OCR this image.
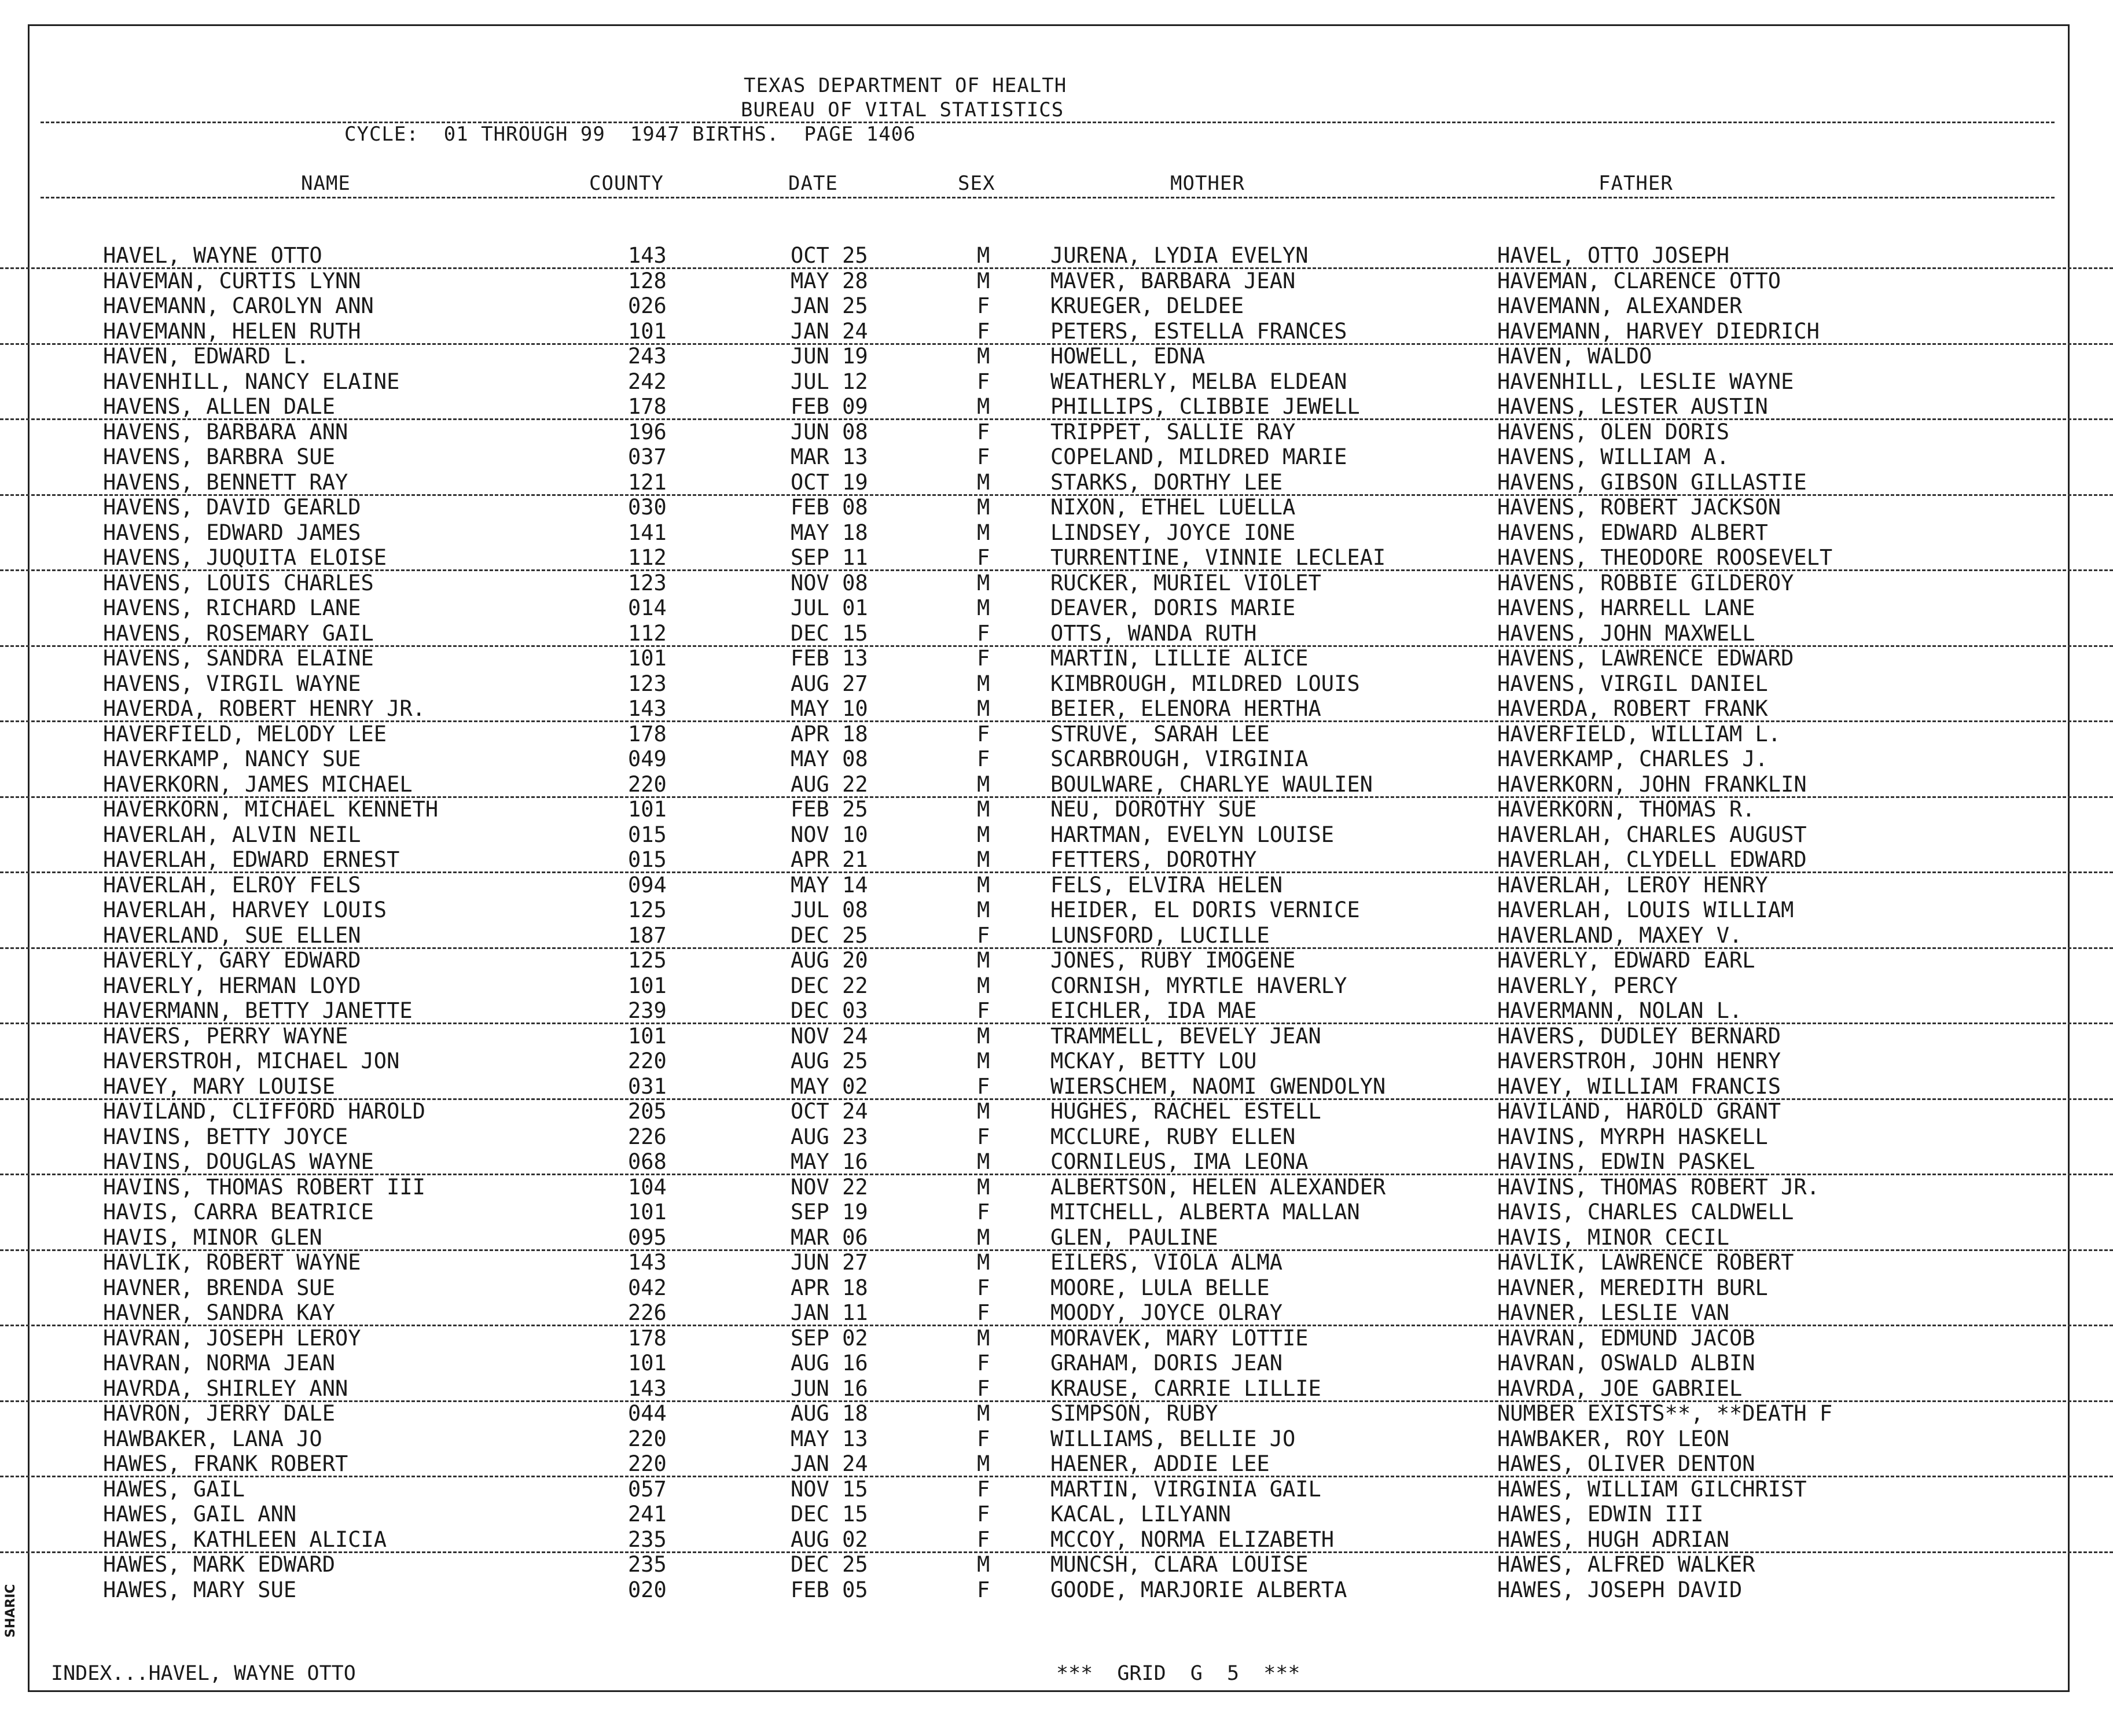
SHARIC
TEXAS DEPARTMENT OF HEALTH
BUREAU OF VITAL STATISTICS
CYCLE:  01 THROUGH 99  1947 BIRTHS.  PAGE 1406
NAME	COUNTY	DATE	SEX	MOTHER	FATHER
HAVEL, WAYNE OTTO	143	OCT 25	M	JURENA, LYDIA EVELYN	HAVEL, OTTO JOSEPH
HAVEMAN, CURTIS LYNN	128	MAY 28	M	MAVER, BARBARA JEAN	HAVEMAN, CLARENCE OTTO
HAVEMANN, CAROLYN ANN	026	JAN 25	F	KRUEGER, DELDEE	HAVEMANN, ALEXANDER
HAVEMANN, HELEN RUTH	101	JAN 24	F	PETERS, ESTELLA FRANCES	HAVEMANN, HARVEY DIEDRICH
HAVEN, EDWARD L.	243	JUN 19	M	HOWELL, EDNA	HAVEN, WALDO
HAVENHILL, NANCY ELAINE	242	JUL 12	F	WEATHERLY, MELBA ELDEAN	HAVENHILL, LESLIE WAYNE
HAVENS, ALLEN DALE	178	FEB 09	M	PHILLIPS, CLIBBIE JEWELL	HAVENS, LESTER AUSTIN
HAVENS, BARBARA ANN	196	JUN 08	F	TRIPPET, SALLIE RAY	HAVENS, OLEN DORIS
HAVENS, BARBRA SUE	037	MAR 13	F	COPELAND, MILDRED MARIE	HAVENS, WILLIAM A.
HAVENS, BENNETT RAY	121	OCT 19	M	STARKS, DORTHY LEE	HAVENS, GIBSON GILLASTIE
HAVENS, DAVID GEARLD	030	FEB 08	M	NIXON, ETHEL LUELLA	HAVENS, ROBERT JACKSON
HAVENS, EDWARD JAMES	141	MAY 18	M	LINDSEY, JOYCE IONE	HAVENS, EDWARD ALBERT
HAVENS, JUQUITA ELOISE	112	SEP 11	F	TURRENTINE, VINNIE LECLEAI	HAVENS, THEODORE ROOSEVELT
HAVENS, LOUIS CHARLES	123	NOV 08	M	RUCKER, MURIEL VIOLET	HAVENS, ROBBIE GILDEROY
HAVENS, RICHARD LANE	014	JUL 01	M	DEAVER, DORIS MARIE	HAVENS, HARRELL LANE
HAVENS, ROSEMARY GAIL	112	DEC 15	F	OTTS, WANDA RUTH	HAVENS, JOHN MAXWELL
HAVENS, SANDRA ELAINE	101	FEB 13	F	MARTIN, LILLIE ALICE	HAVENS, LAWRENCE EDWARD
HAVENS, VIRGIL WAYNE	123	AUG 27	M	KIMBROUGH, MILDRED LOUIS	HAVENS, VIRGIL DANIEL
HAVERDA, ROBERT HENRY JR.	143	MAY 10	M	BEIER, ELENORA HERTHA	HAVERDA, ROBERT FRANK
HAVERFIELD, MELODY LEE	178	APR 18	F	STRUVE, SARAH LEE	HAVERFIELD, WILLIAM L.
HAVERKAMP, NANCY SUE	049	MAY 08	F	SCARBROUGH, VIRGINIA	HAVERKAMP, CHARLES J.
HAVERKORN, JAMES MICHAEL	220	AUG 22	M	BOULWARE, CHARLYE WAULIEN	HAVERKORN, JOHN FRANKLIN
HAVERKORN, MICHAEL KENNETH	101	FEB 25	M	NEU, DOROTHY SUE	HAVERKORN, THOMAS R.
HAVERLAH, ALVIN NEIL	015	NOV 10	M	HARTMAN, EVELYN LOUISE	HAVERLAH, CHARLES AUGUST
HAVERLAH, EDWARD ERNEST	015	APR 21	M	FETTERS, DOROTHY	HAVERLAH, CLYDELL EDWARD
HAVERLAH, ELROY FELS	094	MAY 14	M	FELS, ELVIRA HELEN	HAVERLAH, LEROY HENRY
HAVERLAH, HARVEY LOUIS	125	JUL 08	M	HEIDER, EL DORIS VERNICE	HAVERLAH, LOUIS WILLIAM
HAVERLAND, SUE ELLEN	187	DEC 25	F	LUNSFORD, LUCILLE	HAVERLAND, MAXEY V.
HAVERLY, GARY EDWARD	125	AUG 20	M	JONES, RUBY IMOGENE	HAVERLY, EDWARD EARL
HAVERLY, HERMAN LOYD	101	DEC 22	M	CORNISH, MYRTLE HAVERLY	HAVERLY, PERCY
HAVERMANN, BETTY JANETTE	239	DEC 03	F	EICHLER, IDA MAE	HAVERMANN, NOLAN L.
HAVERS, PERRY WAYNE	101	NOV 24	M	TRAMMELL, BEVELY JEAN	HAVERS, DUDLEY BERNARD
HAVERSTROH, MICHAEL JON	220	AUG 25	M	MCKAY, BETTY LOU	HAVERSTROH, JOHN HENRY
HAVEY, MARY LOUISE	031	MAY 02	F	WIERSCHEM, NAOMI GWENDOLYN	HAVEY, WILLIAM FRANCIS
HAVILAND, CLIFFORD HAROLD	205	OCT 24	M	HUGHES, RACHEL ESTELL	HAVILAND, HAROLD GRANT
HAVINS, BETTY JOYCE	226	AUG 23	F	MCCLURE, RUBY ELLEN	HAVINS, MYRPH HASKELL
HAVINS, DOUGLAS WAYNE	068	MAY 16	M	CORNILEUS, IMA LEONA	HAVINS, EDWIN PASKEL
HAVINS, THOMAS ROBERT III	104	NOV 22	M	ALBERTSON, HELEN ALEXANDER	HAVINS, THOMAS ROBERT JR.
HAVIS, CARRA BEATRICE	101	SEP 19	F	MITCHELL, ALBERTA MALLAN	HAVIS, CHARLES CALDWELL
HAVIS, MINOR GLEN	095	MAR 06	M	GLEN, PAULINE	HAVIS, MINOR CECIL
HAVLIK, ROBERT WAYNE	143	JUN 27	M	EILERS, VIOLA ALMA	HAVLIK, LAWRENCE ROBERT
HAVNER, BRENDA SUE	042	APR 18	F	MOORE, LULA BELLE	HAVNER, MEREDITH BURL
HAVNER, SANDRA KAY	226	JAN 11	F	MOODY, JOYCE OLRAY	HAVNER, LESLIE VAN
HAVRAN, JOSEPH LEROY	178	SEP 02	M	MORAVEK, MARY LOTTIE	HAVRAN, EDMUND JACOB
HAVRAN, NORMA JEAN	101	AUG 16	F	GRAHAM, DORIS JEAN	HAVRAN, OSWALD ALBIN
HAVRDA, SHIRLEY ANN	143	JUN 16	F	KRAUSE, CARRIE LILLIE	HAVRDA, JOE GABRIEL
HAVRON, JERRY DALE	044	AUG 18	M	SIMPSON, RUBY	NUMBER EXISTS**, **DEATH F
HAWBAKER, LANA JO	220	MAY 13	F	WILLIAMS, BELLIE JO	HAWBAKER, ROY LEON
HAWES, FRANK ROBERT	220	JAN 24	M	HAENER, ADDIE LEE	HAWES, OLIVER DENTON
HAWES, GAIL	057	NOV 15	F	MARTIN, VIRGINIA GAIL	HAWES, WILLIAM GILCHRIST
HAWES, GAIL ANN	241	DEC 15	F	KACAL, LILYANN	HAWES, EDWIN III
HAWES, KATHLEEN ALICIA	235	AUG 02	F	MCCOY, NORMA ELIZABETH	HAWES, HUGH ADRIAN
HAWES, MARK EDWARD	235	DEC 25	M	MUNCSH, CLARA LOUISE	HAWES, ALFRED WALKER
HAWES, MARY SUE	020	FEB 05	F	GOODE, MARJORIE ALBERTA	HAWES, JOSEPH DAVID
INDEX...HAVEL, WAYNE OTTO	***  GRID  G  5  ***
